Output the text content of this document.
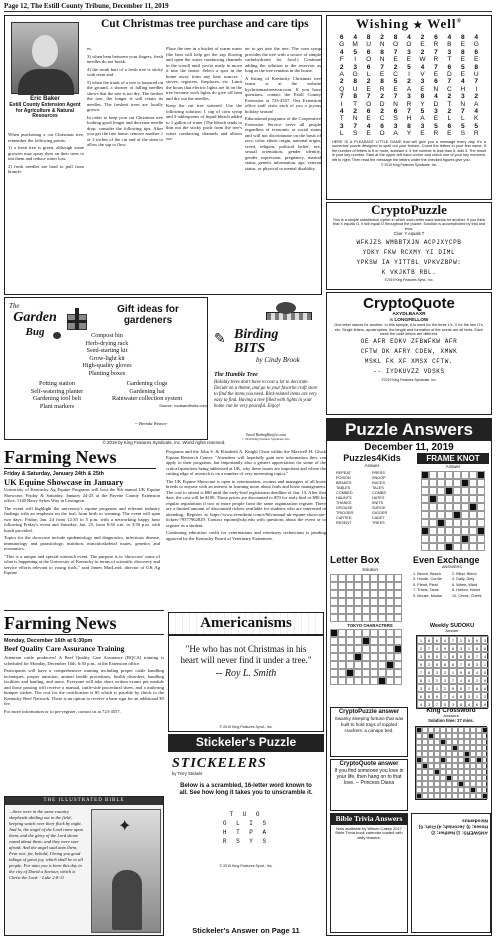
Page 12, The Estill County Tribune, December 11, 2019
Cut Christmas tree purchase and care tips
Eric Baker
Estill County Extension Agent for Agriculture & Natural Resources

When purchasing a cut Christmas tree, remember the following points:

1) a fresh tree is green, although some growers may spray dyes on their trees to tint them and reduce water loss.

2) fresh needles are hard to pull from branch-

es.

3) when bent between your fingers, fresh needles do not break.

4) the trunk butt of a fresh tree is sticky with resin and

5) when the trunk of a tree is bounced on the ground, a shower of falling needles shows that the tree is too dry. The fresher the tree, the longer it will retain its needles. The freshest trees are locally grown.

In order to keep your cut Christmas tree looking good longer and decrease needle drop, consider the following tips. After you get the tree home, remove another 1 or 2 inches of the cut end of the stem to allow the sap to flow.

Place the tree in a bucket of warm water (the heat will help get the sap flowing and open the water conducting channels in the wood) until you're ready to move it into the house. Select a spot in the home away from any heat sources - stoves, registers, fireplaces, etc. Limit the hours that electric lights are lit on the tree because such lights do give off heat and dry out the needles.

Keep the cut tree watered. Use the following solution: 1 cup of corn syrup and 3 tablespoons of liquid bleach added to 1 gallon of water (The bleach tends to thin out the sticky pitch from the tree's water conducting channels and allows wa-

ter to get into the tree. The corn syrup provides the tree with a source of simple carbohydrates for food.) Continue adding the solution to the reservoir as long as the tree remains in the house.

A listing of Kentucky Christmas tree farms is at the website kychristmastreeassn.com. If you have questions, contact the Estill County Extension at 723-4557. Our Extension office staff visits each of you a joyous holiday season!

Educational programs of the Cooperative Extension Service serve all people regardless of economic or social status and will not discriminate on the basis of race, color, ethnic origin, national origin, creed, religion, political belief, sex, sexual orientation, gender identity, gender expression, pregnancy, marital status, genetic information, age, veteran status, or physical or mental disability.

Wishing ★ Well®
6	4	8	2	8	4	2	6	4	8	4
G	M	U	N	O	O	E	R	B	E	G
4	5	6	8	7	3	2	7	3	8	6
F	I	O	N	E	E	W	R	T	E	E
2	3	6	7	2	5	4	7	6	5	8
A	G	L	E	C	I	V	E	D	E	U
2	8	2	8	5	2	3	6	7	4	7
Q	U	E	R	E	A	E	N	C	H	I
7	8	7	2	7	3	8	4	2	3	2
I	T	O	D	N	R	Y	D	T	N	A
4	2	6	2	6	7	5	3	2	7	4
T	N	E	C	S	H	A	E	L	L	K
3	7	4	6	3	8	3	5	6	5	5
L	S	E	O	A	Y	E	R	E	S	R
HERE IS A PLEASANT LITTLE GAME that will give you a message every day. It's a numerical puzzle designed to spell out your fortune. Count the letters in your first name. If the number of letters is 6 or more, subtract 4. If the number is less than 6, add 3. The result is your key number. Start at the upper-left hand corner and check one of your key numbers, left to right. Then read the message the letters under the checked figures give you.
© 2019 King Features Syndicate, Inc.
CryptoPuzzle
This is a simple substitution cipher in which each letter used stands for another. If you think that X equals O, it will equal O throughout the puzzle. Solution is accomplished by trial and error.
Clue: Y equals T
WFKJZS WMBBTXJN ACPJXYCPB
YDKY FKW RCXMY YI DIML
YPKSW IA YITTBL VPKVZBPW:
K VKJKTB RBL.
©2019 King Features Synd., Inc.
CryptoQuote
AXYDLBAAXR
is LONGFELLOW
One letter stands for another. In this sample, A is used for the three L's, X for the two O's, etc. Single letters, apostrophes, the length and formation of the words are all hints. Each week the code letters are different.
OE AFR EDKV ZFBWFKW AFR
CFTW DK AFRY CDEW, XMWK
MSKL FK XF XMSX CFTW.
-- IYDKUVZZ VDSKS
©2019 King Features Syndicate, Inc.
The
Garden
Bug
Gift ideas for gardeners
Compost bin
Herb-drying rack
Seed-starting kit
Grow-light kit
High-quality gloves
Planting boxes
Potting station
Self-watering planter
Gardening tool belt
Plant markers
Gardening clogs
Gardening hat
Rainwater collection system
-- Brenda Weaver
Source: rootsandfruits.com
✎ Birding BITS
by Cindy Brook
The Humble Tree
Holiday trees don't have to cost a lot to decorate. Decide on a theme, and go to your favorite craft store to find the items you need. Bird-related items are very easy to find. Having a tree filled with lights in your home can be very peaceful. Enjoy!
Email BirdingBits@cs.com
© 2019 King Features Syndicate, Inc.
© 2019 by King Features Syndicate, Inc. World rights reserved.
Farming News
Friday & Saturday, January 24th & 25th
UK Equine Showcase in January

University of Kentucky Ag Equine Programs will host the 9th annual UK Equine Showcase, Friday & Saturday, January 24-25 at the Fayette County Extension office, 1140 Harry Sykes Way in Lexington.

The event will highlight the university's equine programs and relevant industry findings with an emphasis on the foal, from birth to weaning. The event will span two days: Friday, Jan. 24 from 12:30 to 5 p.m. with a networking happy hour following Friday's event and Saturday, Jan. 25, from 8:30 a.m. to 3:30 p.m. with lunch provided.

Topics for the showcase include epidemiology and diagnostics, infectious disease, immunology and parasitology, nutrition, musculoskeletal issues, genetics and economics.

"This is a unique and special outreach event. The purpose is to 'showcase' some of what is happening at the University of Kentucky in terms of scientific discovery and service efforts relevant to young foals," said James MacLeod, director of UK Ag Equine

Programs and the John S. & Elizabeth A. Knight Chair within the Maxwell H. Gluck Equine Research Center. "Attendees will hopefully gain new information they can apply to their programs, but importantly also a greater appreciation for some of the critical questions being addressed at UK, why these issues are important and where the cutting edge of research is on a number of very interesting topics."

The UK Equine Showcase is open to veterinarians, owners and managers of all horse breeds or anyone with an interest in learning more about foals and horse management. The cost to attend is $80 until the early-bird registration deadline of Jan. 13. After that date, the cost will be $100. Those prices are discounted to $70 for early bird or $90 for regular registration if two or more people from the same organization register. There are a limited amount of discounted tickets available for students who are interested in attending. Register at https://www.eventbrite.com/e/9th-annual-uk-equine-showcase-tickets-79577962829. Contact equine@uky.edu with questions about the event or to register as a student.

Continuing education credit for veterinarians and veterinary technicians is pending approval by the Kentucky Board of Veterinary Examiners.

Farming News
Monday, December 16th at 6:30pm
Beef Quality Care Assurance Training

Attention cattle producers! A Beef Quality Care Assurance (BQCA) training is scheduled for Monday, December 16th, 6:30 p.m., at the Extension office.

Participants will have a comprehensive training including proper cattle handling techniques, proper nutrition, animal health procedures, health disorders, handling facilities and hauling, and more. Everyone will take short written exams per module and those passing will receive a manual, cattle-side procedural sheet, and a trailering bumper sticker. The cost for the certification is $5 which is payable by check to the Kentucky Beef Network. There is an option to receive a barn sign for an additional $5 fee.

For more information or to pre-register, contact us at 723-4557.

THE ILLUSTRATED BIBLE
...there were in the same country shepherds abiding out in the field, keeping watch over their flock by night. And lo, the angel of the Lord came upon them, and the glory of the Lord shone round about them; and they were sore afraid. And the angel said unto them, Fear not: for, behold, I bring you good tidings of great joy, which shall be to all people. For unto you is born this day in the city of David a Saviour, which is Christ the Lord. - Luke 2:8-11
✦
Americanisms
"He who has not Christmas in his heart will never find it under a tree."
-- Roy L. Smith
© 2019 King Features Synd., Inc.
Stickeler's Puzzle
STICKELERS
by Terry Stickels
Below is a scrambled, 16-letter word known to all. See how long it takes you to unscramble it.
T U O
O L I S
H T P A
R S Y S
© 2019 King Features Synd., Inc.
Stickeler's Answer on Page 11
Puzzle Answers
December 11, 2019
Puzzles4Kids
Answer
REPEAT	PRESS
POISON	SNOOP
BRAKES	RACES
TABLES	TALES
COMBED	COMBS
HAUNTS	HATES
THANKS	KNITS
GROUSE	SURGE
TRIGGER	GIGGER
CARTED	CADET
RESENT	TREES
FRAME KNOT
Answer
Letter Box
Solution
TOKYO CHARACTERS
Even Exchange
ANSWERS
1. Bench, Beach	2. Blind, Blend
3. Hurdle, Curdle	4. Daily, Dirty
5. Plead, Pleat	6. Warm, Ward
7. Tracts, Tame	8. Harbor, Harlot
9. Mouse, Moose	10. Creek, Cheek
Weekly SUDOKU
Answer
1	8	6	4	7	2	5	9	3
2	7	4	9	6	3	1	5	8
3	9	5	1	8	5	6	7	4
9	2	5	8	6	7	8	3	1
7	6	3	2	1	9	8	4	5
8	1	2	3	7	4	6	2	9
3	4	1	2	9	5	7	8	6
6	5	9	7	4	8	3	1	2
4	3	7	5	3	8	4	6	9
CryptoPuzzle answer
Swanky sleeping fortune that was built to hold trays of toppled crackers: a canape bed.
CryptoQuote answer
If you find someone you love in your life, then hang on to that love. -- Princess Diana
King Crossword
Answers
Solution time: 27 mins.
Bible Trivia Answers
Now available by Wilson Casey 2017 Bible Trivia book calendar loaded with daily teasers.
ANSWERS: 1) Neither; 2) Hosea; 3) Jeconiah; 4) Fish; 5) Nicodemus
